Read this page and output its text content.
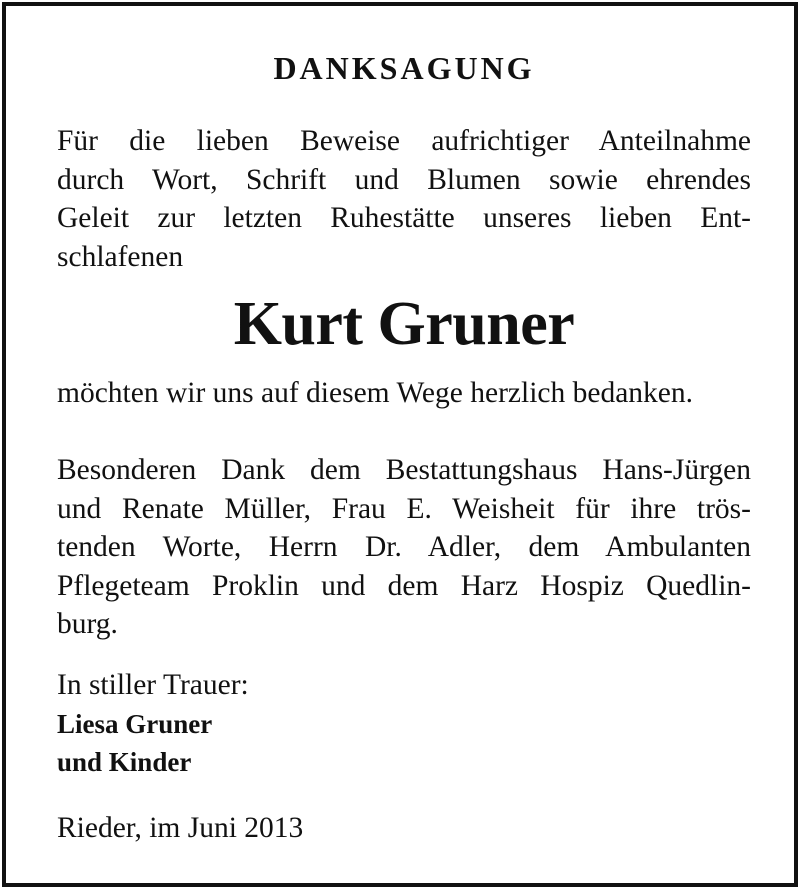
DANKSAGUNG

Für die lieben Beweise aufrichtiger Anteilnahme
durch Wort, Schrift und Blumen sowie ehrendes
Geleit zur letzten Ruhestätte unseres lieben Ent-
schlafenen

Kurt Gruner

möchten wir uns auf diesem Wege herzlich bedanken.

Besonderen Dank dem Bestattungshaus Hans-Jürgen
und Renate Müller, Frau E. Weisheit für ihre trös-
tenden Worte, Herrn Dr. Adler, dem Ambulanten
Pflegeteam Proklin und dem Harz Hospiz Quedlin-
burg.

In stiller Trauer:
Liesa Gruner
und Kinder

Rieder, im Juni 2013
